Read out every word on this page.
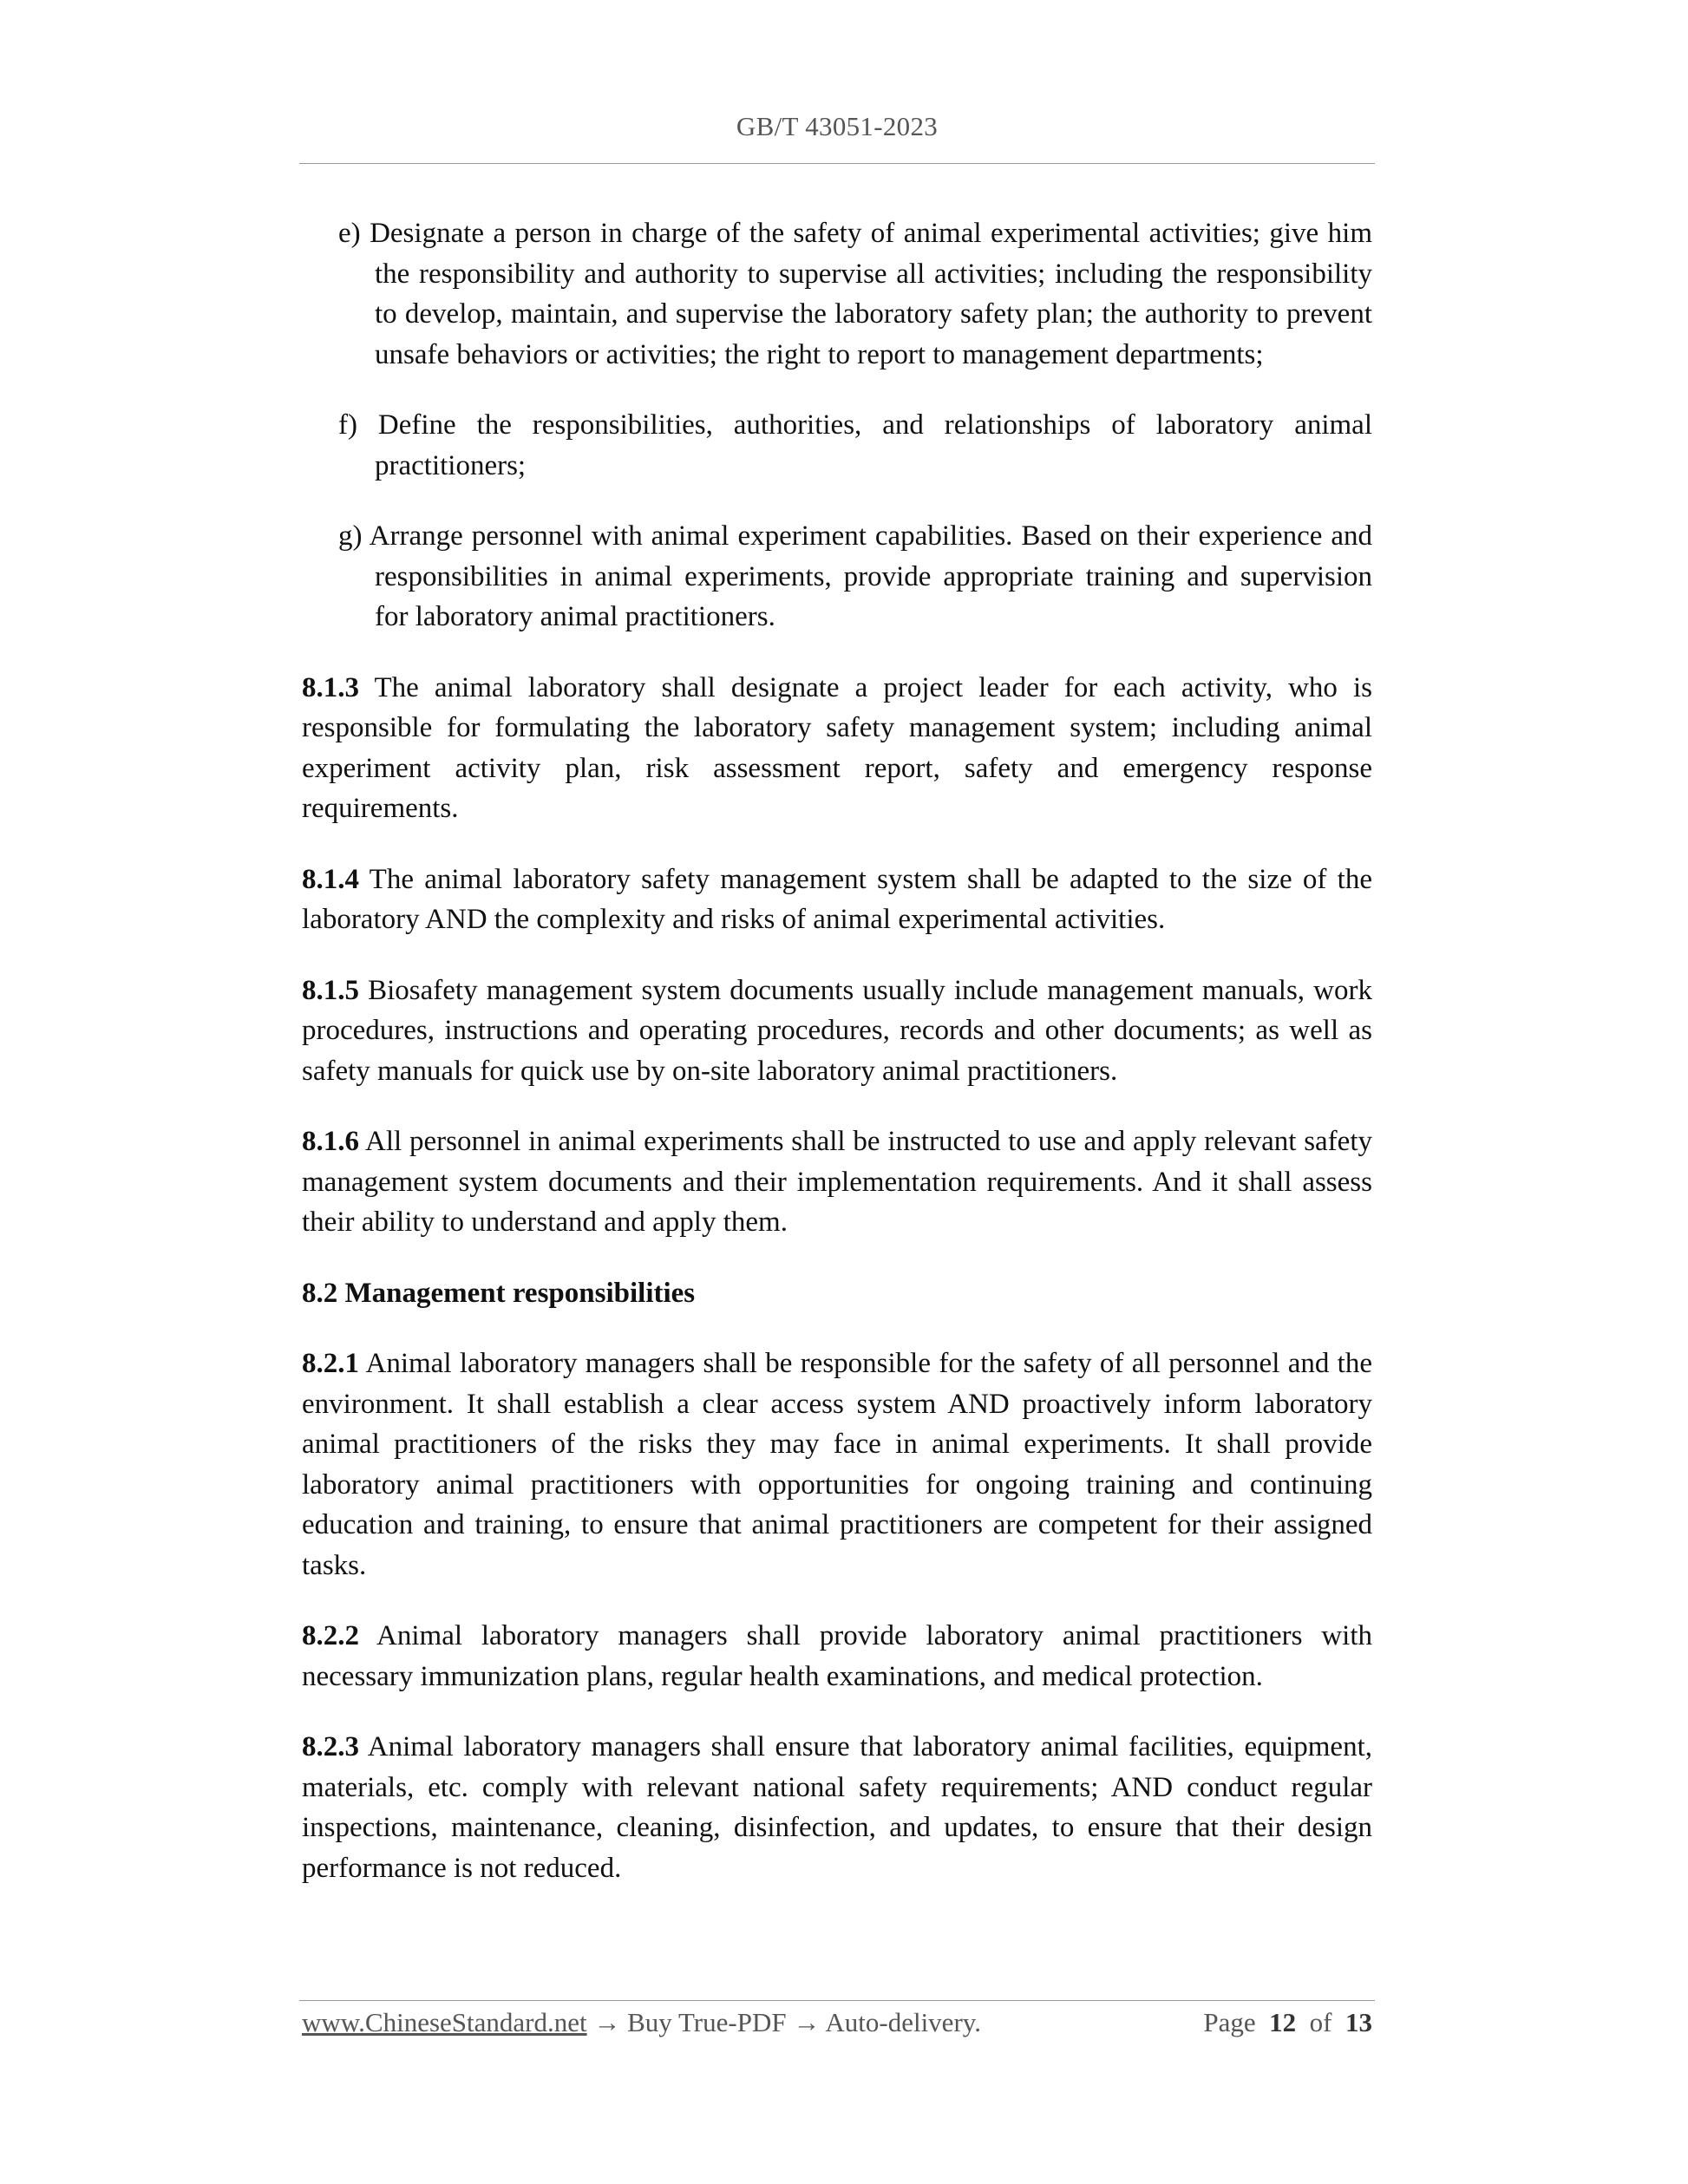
GB/T 43051-2023

e) Designate a person in charge of the safety of animal experimental activities; give him the responsibility and authority to supervise all activities; including the responsibility to develop, maintain, and supervise the laboratory safety plan; the authority to prevent unsafe behaviors or activities; the right to report to management departments;

f) Define the responsibilities, authorities, and relationships of laboratory animal practitioners;

g) Arrange personnel with animal experiment capabilities. Based on their experience and responsibilities in animal experiments, provide appropriate training and supervision for laboratory animal practitioners.

8.1.3 The animal laboratory shall designate a project leader for each activity, who is responsible for formulating the laboratory safety management system; including animal experiment activity plan, risk assessment report, safety and emergency response requirements.

8.1.4 The animal laboratory safety management system shall be adapted to the size of the laboratory AND the complexity and risks of animal experimental activities.

8.1.5 Biosafety management system documents usually include management manuals, work procedures, instructions and operating procedures, records and other documents; as well as safety manuals for quick use by on-site laboratory animal practitioners.

8.1.6 All personnel in animal experiments shall be instructed to use and apply relevant safety management system documents and their implementation requirements. And it shall assess their ability to understand and apply them.

8.2 Management responsibilities

8.2.1 Animal laboratory managers shall be responsible for the safety of all personnel and the environment. It shall establish a clear access system AND proactively inform laboratory animal practitioners of the risks they may face in animal experiments. It shall provide laboratory animal practitioners with opportunities for ongoing training and continuing education and training, to ensure that animal practitioners are competent for their assigned tasks.

8.2.2 Animal laboratory managers shall provide laboratory animal practitioners with necessary immunization plans, regular health examinations, and medical protection.

8.2.3 Animal laboratory managers shall ensure that laboratory animal facilities, equipment, materials, etc. comply with relevant national safety requirements; AND conduct regular inspections, maintenance, cleaning, disinfection, and updates, to ensure that their design performance is not reduced.

www.ChineseStandard.net → Buy True-PDF → Auto-delivery.	Page 12 of 13
